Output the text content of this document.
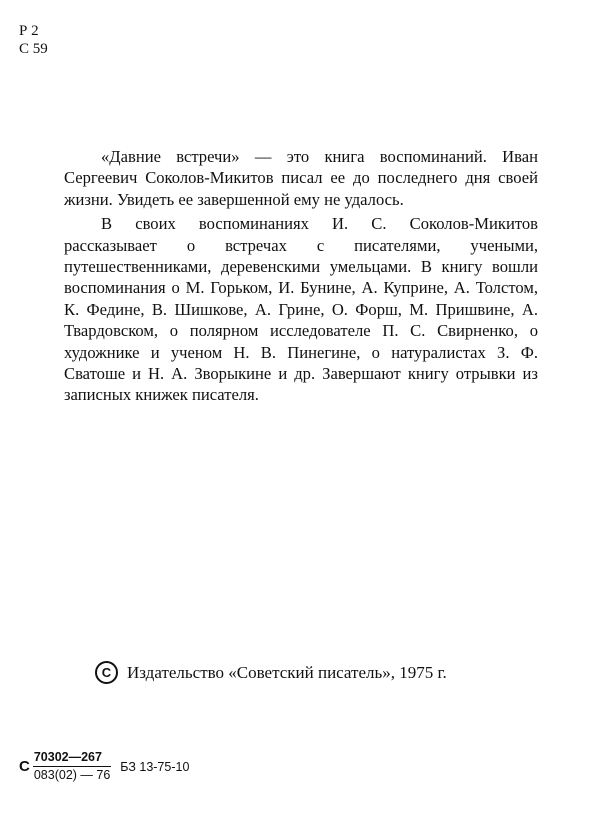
Р 2
С 59

«Давние встречи» — это книга воспоминаний. Иван Сергеевич Соколов-Микитов писал ее до последнего дня своей жизни. Увидеть ее завершенной ему не удалось.

В своих воспоминаниях И. С. Соколов-Микитов рассказывает о встречах с писателями, учеными, путешественниками, деревенскими умельцами. В книгу вошли воспоминания о М. Горьком, И. Бунине, А. Куприне, А. Толстом, К. Федине, В. Шишкове, А. Грине, О. Форш, М. Пришвине, А. Твардовском, о полярном исследователе П. С. Свирненко, о художнике и ученом Н. В. Пинегине, о натуралистах З. Ф. Сватоше и Н. А. Зворыкине и др. Завершают книгу отрывки из записных книжек писателя.

С Издательство «Советский писатель», 1975 г.
С $\frac{70302—267}{083(02) — 76}$ БЗ 13-75-10
